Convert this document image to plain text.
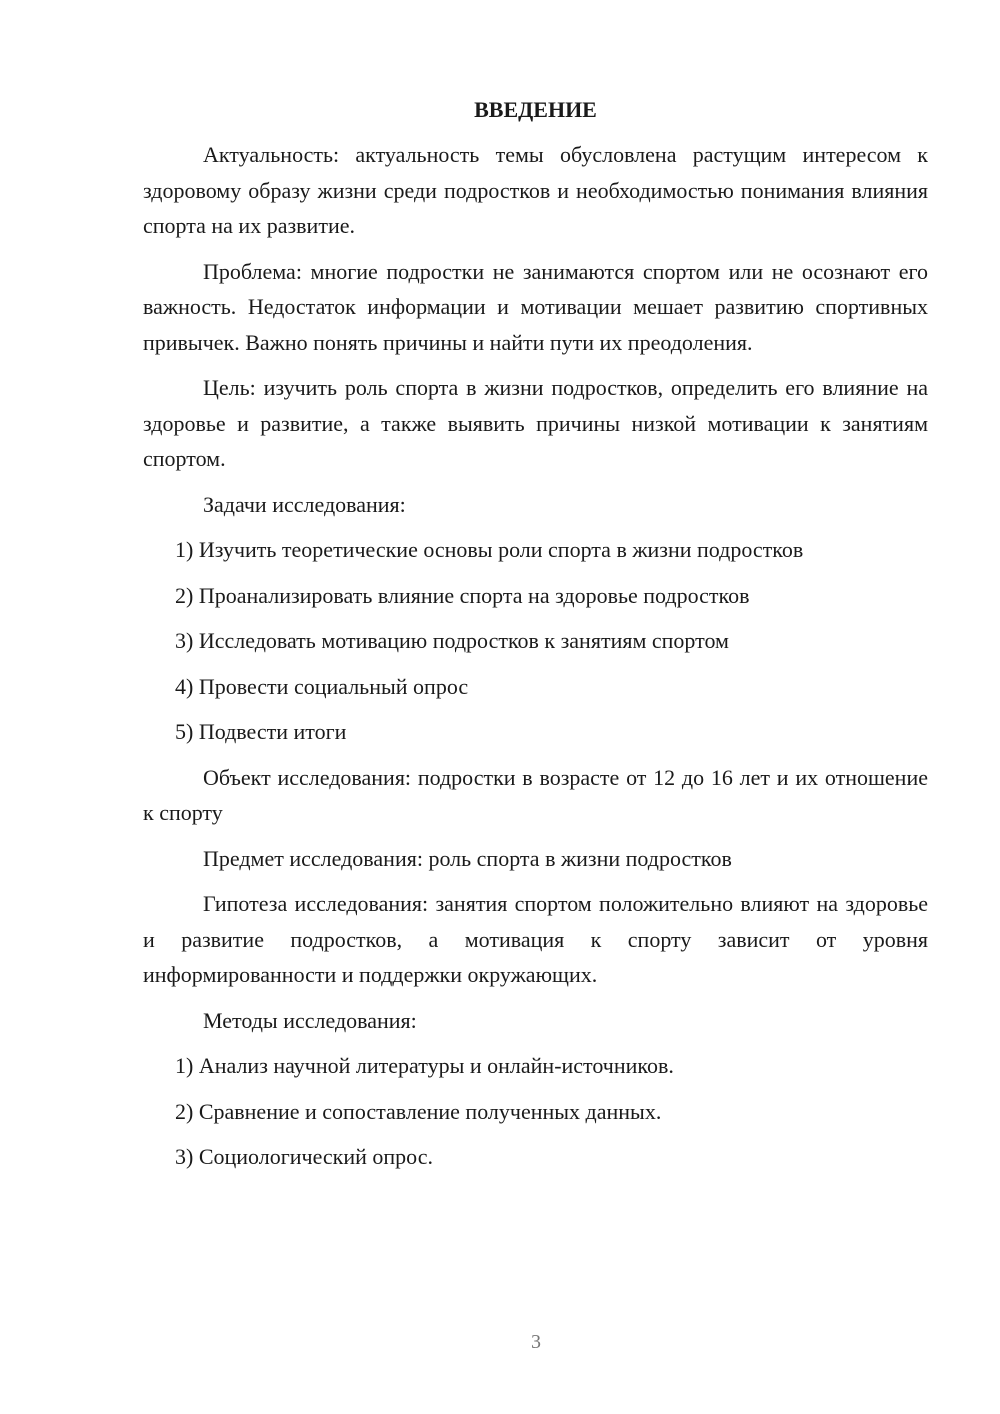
ВВЕДЕНИЕ

Актуальность: актуальность темы обусловлена растущим интересом к здоровому образу жизни среди подростков и необходимостью понимания влияния спорта на их развитие.

Проблема: многие подростки не занимаются спортом или не осознают его важность. Недостаток информации и мотивации мешает развитию спортивных привычек. Важно понять причины и найти пути их преодоления.

Цель: изучить роль спорта в жизни подростков, определить его влияние на здоровье и развитие, а также выявить причины низкой мотивации к занятиям спортом.

Задачи исследования:

1) Изучить теоретические основы роли спорта в жизни подростков
2) Проанализировать влияние спорта на здоровье подростков
3) Исследовать мотивацию подростков к занятиям спортом
4) Провести социальный опрос
5) Подвести итоги

Объект исследования: подростки в возрасте от 12 до 16 лет и их отношение к спорту

Предмет исследования: роль спорта в жизни подростков

Гипотеза исследования: занятия спортом положительно влияют на здоровье и развитие подростков, а мотивация к спорту зависит от уровня информированности и поддержки окружающих.

Методы исследования:

1) Анализ научной литературы и онлайн-источников.
2) Сравнение и сопоставление полученных данных.
3) Социологический опрос.
3
